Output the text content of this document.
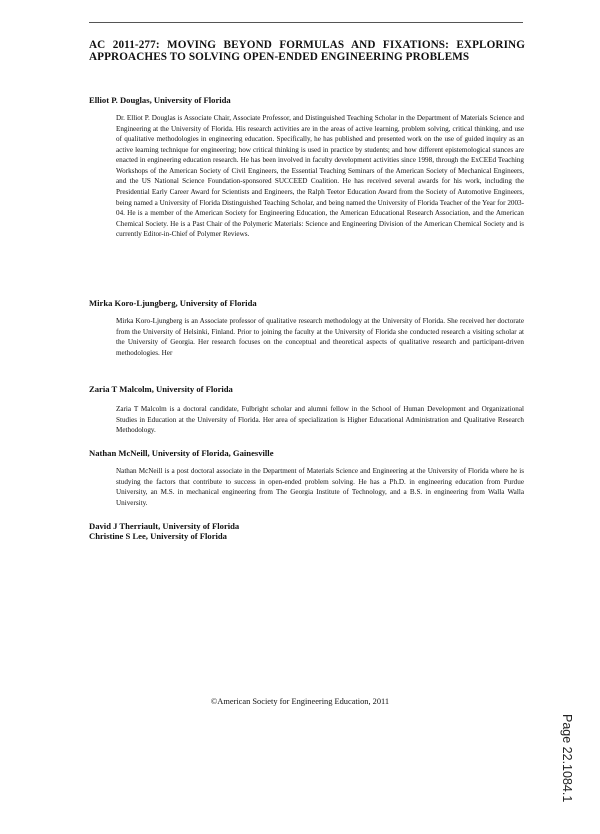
AC 2011-277: MOVING BEYOND FORMULAS AND FIXATIONS: EXPLORING APPROACHES TO SOLVING OPEN-ENDED ENGINEERING PROBLEMS

Elliot P. Douglas, University of Florida

Dr. Elliot P. Douglas is Associate Chair, Associate Professor, and Distinguished Teaching Scholar in the Department of Materials Science and Engineering at the University of Florida. His research activities are in the areas of active learning, problem solving, critical thinking, and use of qualitative methodologies in engineering education. Specifically, he has published and presented work on the use of guided inquiry as an active learning technique for engineering; how critical thinking is used in practice by students; and how different epistemological stances are enacted in engineering education research. He has been involved in faculty development activities since 1998, through the ExCEEd Teaching Workshops of the American Society of Civil Engineers, the Essential Teaching Seminars of the American Society of Mechanical Engineers, and the US National Science Foundation-sponsored SUCCEED Coalition. He has received several awards for his work, including the Presidential Early Career Award for Scientists and Engineers, the Ralph Teetor Education Award from the Society of Automotive Engineers, being named a University of Florida Distinguished Teaching Scholar, and being named the University of Florida Teacher of the Year for 2003-04. He is a member of the American Society for Engineering Education, the American Educational Research Association, and the American Chemical Society. He is a Past Chair of the Polymeric Materials: Science and Engineering Division of the American Chemical Society and is currently Editor-in-Chief of Polymer Reviews.

Mirka Koro-Ljungberg, University of Florida

Mirka Koro-Ljungberg is an Associate professor of qualitative research methodology at the University of Florida. She received her doctorate from the University of Helsinki, Finland. Prior to joining the faculty at the University of Florida she conducted research a visiting scholar at the University of Georgia. Her research focuses on the conceptual and theoretical aspects of qualitative research and participant-driven methodologies. Her

Zaria T Malcolm, University of Florida

Zaria T Malcolm is a doctoral candidate, Fulbright scholar and alumni fellow in the School of Human Development and Organizational Studies in Education at the University of Florida. Her area of specialization is Higher Educational Administration and Qualitative Research Methodology.

Nathan McNeill, University of Florida, Gainesville

Nathan McNeill is a post doctoral associate in the Department of Materials Science and Engineering at the University of Florida where he is studying the factors that contribute to success in open-ended problem solving. He has a Ph.D. in engineering education from Purdue University, an M.S. in mechanical engineering from The Georgia Institute of Technology, and a B.S. in engineering from Walla Walla University.

David J Therriault, University of Florida

Christine S Lee, University of Florida

©American Society for Engineering Education, 2011

Page 22.1084.1
